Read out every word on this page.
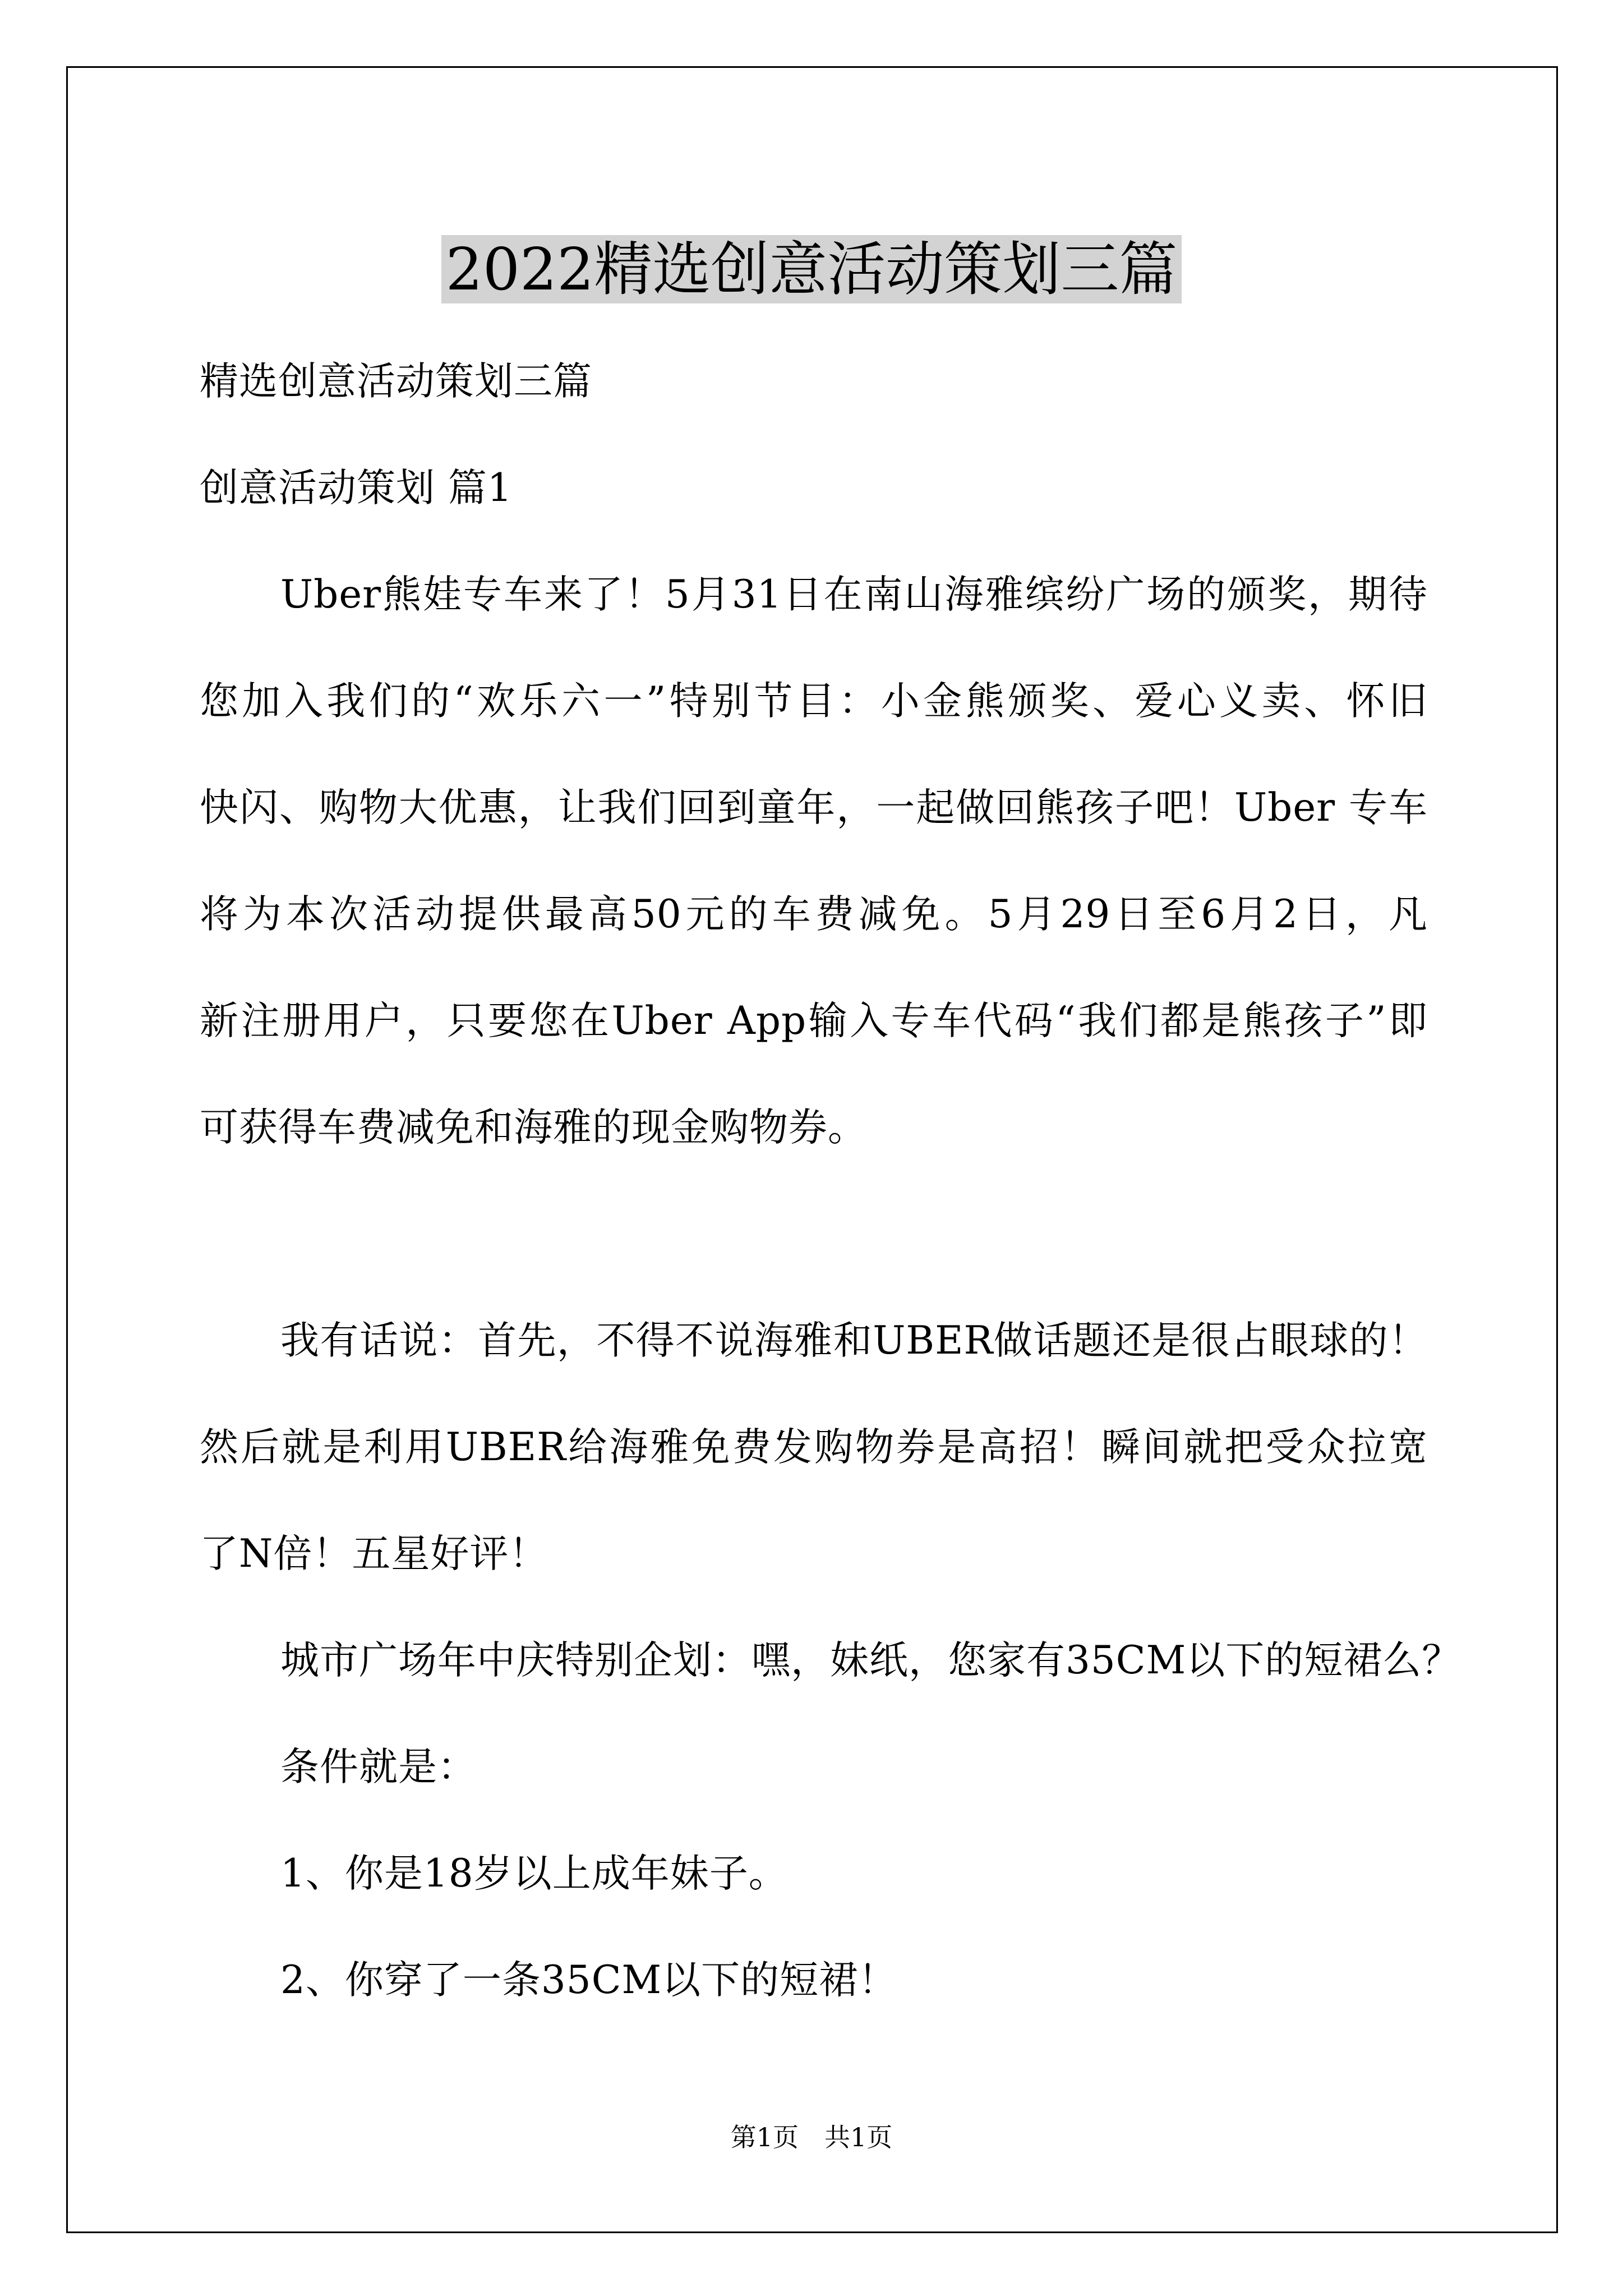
2022精选创意活动策划三篇
精选创意活动策划三篇
创意活动策划 篇1
Uber熊娃专车来了！5月31日在南山海雅缤纷广场的颁奖，期待
您加入我们的“欢乐六一”特别节目：小金熊颁奖、爱心义卖、怀旧
快闪、购物大优惠，让我们回到童年，一起做回熊孩子吧！Uber 专车
将为本次活动提供最高50元的车费减免。5月29日至6月2日，凡
新注册用户，只要您在Uber App输入专车代码“我们都是熊孩子”即
可获得车费减免和海雅的现金购物券。
我有话说：首先，不得不说海雅和UBER做话题还是很占眼球的！
然后就是利用UBER给海雅免费发购物券是高招！瞬间就把受众拉宽
了N倍！五星好评！
城市广场年中庆特别企划：嘿，妹纸，您家有35CM以下的短裙么？
条件就是：
1、你是18岁以上成年妹子。
2、你穿了一条35CM以下的短裙！
第1页　共1页
